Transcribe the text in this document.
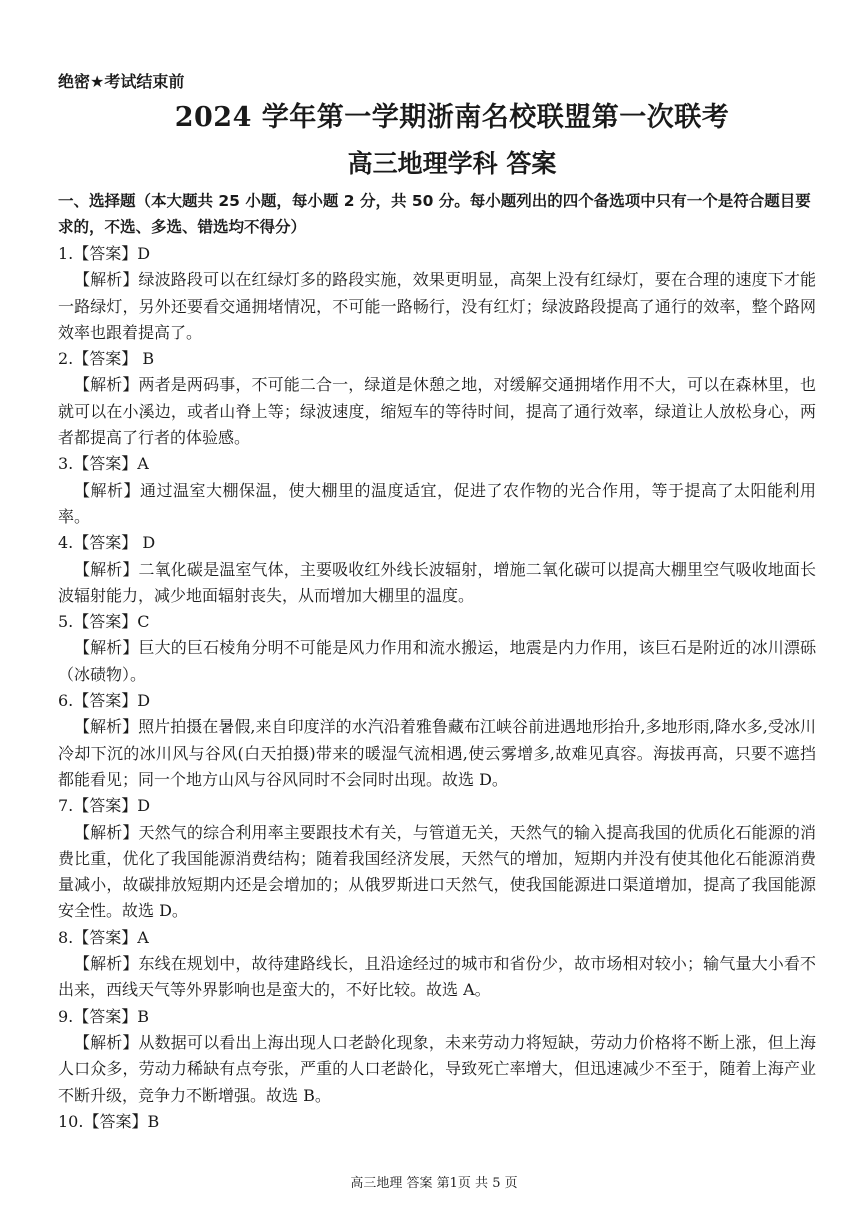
绝密★考试结束前
2024 学年第一学期浙南名校联盟第一次联考
高三地理学科 答案
一、选择题（本大题共 25 小题，每小题 2 分，共 50 分。每小题列出的四个备选项中只有一个是符合题目要求的，不选、多选、错选均不得分）

1.【答案】D

【解析】绿波路段可以在红绿灯多的路段实施，效果更明显，高架上没有红绿灯，要在合理的速度下才能一路绿灯，另外还要看交通拥堵情况，不可能一路畅行，没有红灯；绿波路段提高了通行的效率，整个路网效率也跟着提高了。

2.【答案】 B

【解析】两者是两码事，不可能二合一，绿道是休憩之地，对缓解交通拥堵作用不大，可以在森林里，也就可以在小溪边，或者山脊上等；绿波速度，缩短车的等待时间，提高了通行效率，绿道让人放松身心，两者都提高了行者的体验感。

3.【答案】A

【解析】通过温室大棚保温，使大棚里的温度适宜，促进了农作物的光合作用，等于提高了太阳能利用率。

4.【答案】 D

【解析】二氧化碳是温室气体，主要吸收红外线长波辐射，增施二氧化碳可以提高大棚里空气吸收地面长波辐射能力，减少地面辐射丧失，从而增加大棚里的温度。

5.【答案】C

【解析】巨大的巨石棱角分明不可能是风力作用和流水搬运，地震是内力作用，该巨石是附近的冰川漂砾（冰碛物）。

6.【答案】D

【解析】照片拍摄在暑假,来自印度洋的水汽沿着雅鲁藏布江峡谷前进遇地形抬升,多地形雨,降水多,受冰川冷却下沉的冰川风与谷风(白天拍摄)带来的暖湿气流相遇,使云雾增多,故难见真容。海拔再高，只要不遮挡都能看见；同一个地方山风与谷风同时不会同时出现。故选 D。

7.【答案】D

【解析】天然气的综合利用率主要跟技术有关，与管道无关，天然气的输入提高我国的优质化石能源的消费比重，优化了我国能源消费结构；随着我国经济发展，天然气的增加，短期内并没有使其他化石能源消费量减小，故碳排放短期内还是会增加的；从俄罗斯进口天然气，使我国能源进口渠道增加，提高了我国能源安全性。故选 D。

8.【答案】A

【解析】东线在规划中，故待建路线长，且沿途经过的城市和省份少，故市场相对较小；输气量大小看不出来，西线天气等外界影响也是蛮大的，不好比较。故选 A。

9.【答案】B

【解析】从数据可以看出上海出现人口老龄化现象，未来劳动力将短缺，劳动力价格将不断上涨，但上海人口众多，劳动力稀缺有点夸张，严重的人口老龄化，导致死亡率增大，但迅速减少不至于，随着上海产业不断升级，竞争力不断增强。故选 B。

10.【答案】B

高三地理 答案 第1页 共 5 页
